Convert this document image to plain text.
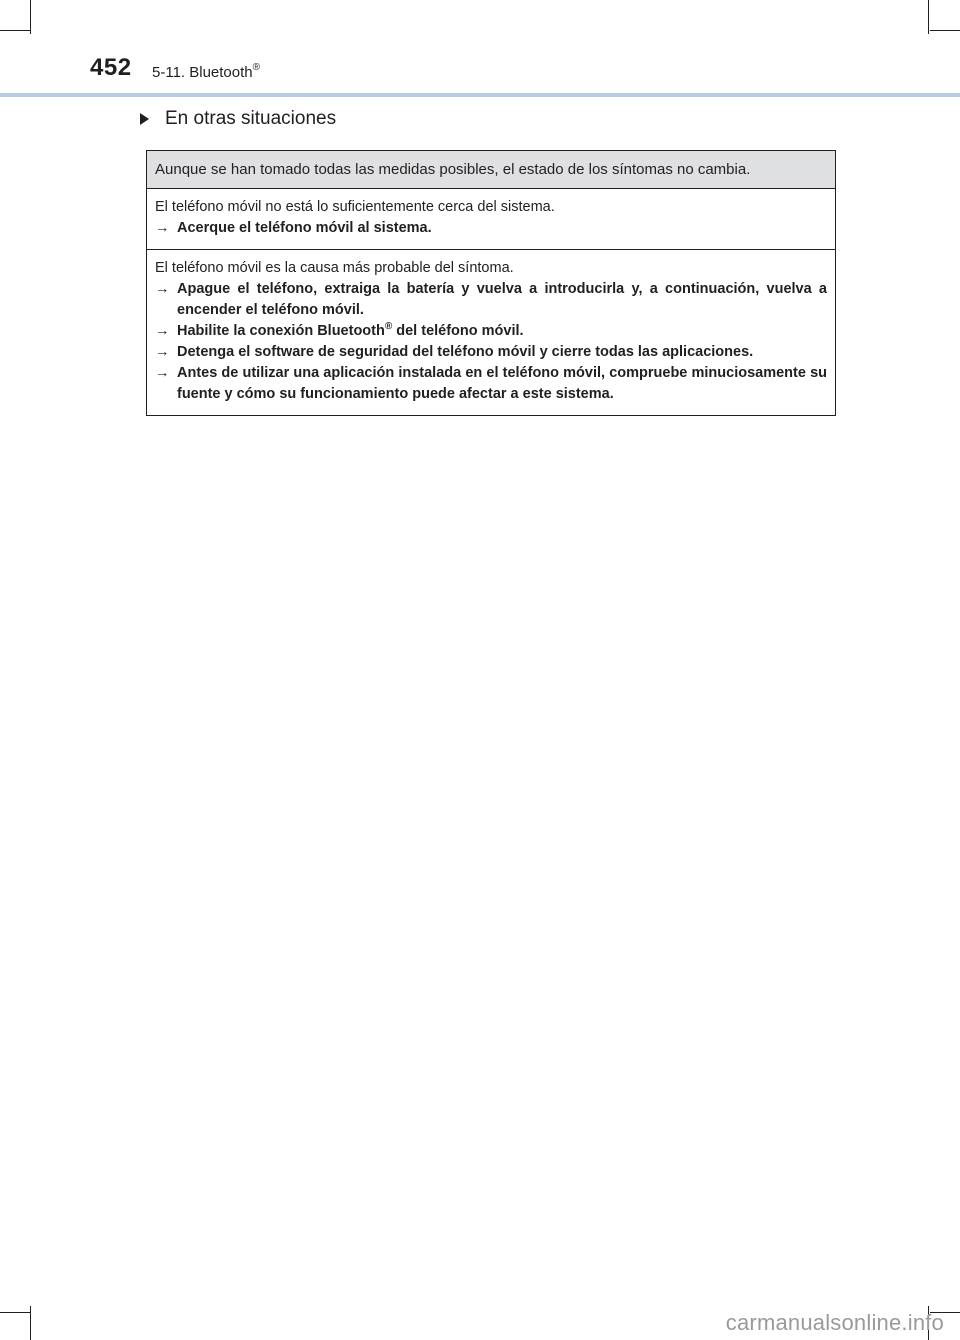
452 5-11. Bluetooth®
En otras situaciones
Aunque se han tomado todas las medidas posibles, el estado de los síntomas no cambia.
El teléfono móvil no está lo suficientemente cerca del sistema.
→ Acerque el teléfono móvil al sistema.
El teléfono móvil es la causa más probable del síntoma.
→ Apague el teléfono, extraiga la batería y vuelva a introducirla y, a continuación, vuelva a encender el teléfono móvil.
→ Habilite la conexión Bluetooth® del teléfono móvil.
→ Detenga el software de seguridad del teléfono móvil y cierre todas las aplicaciones.
→ Antes de utilizar una aplicación instalada en el teléfono móvil, compruebe minuciosamente su fuente y cómo su funcionamiento puede afectar a este sistema.
carmanualsonline.info
